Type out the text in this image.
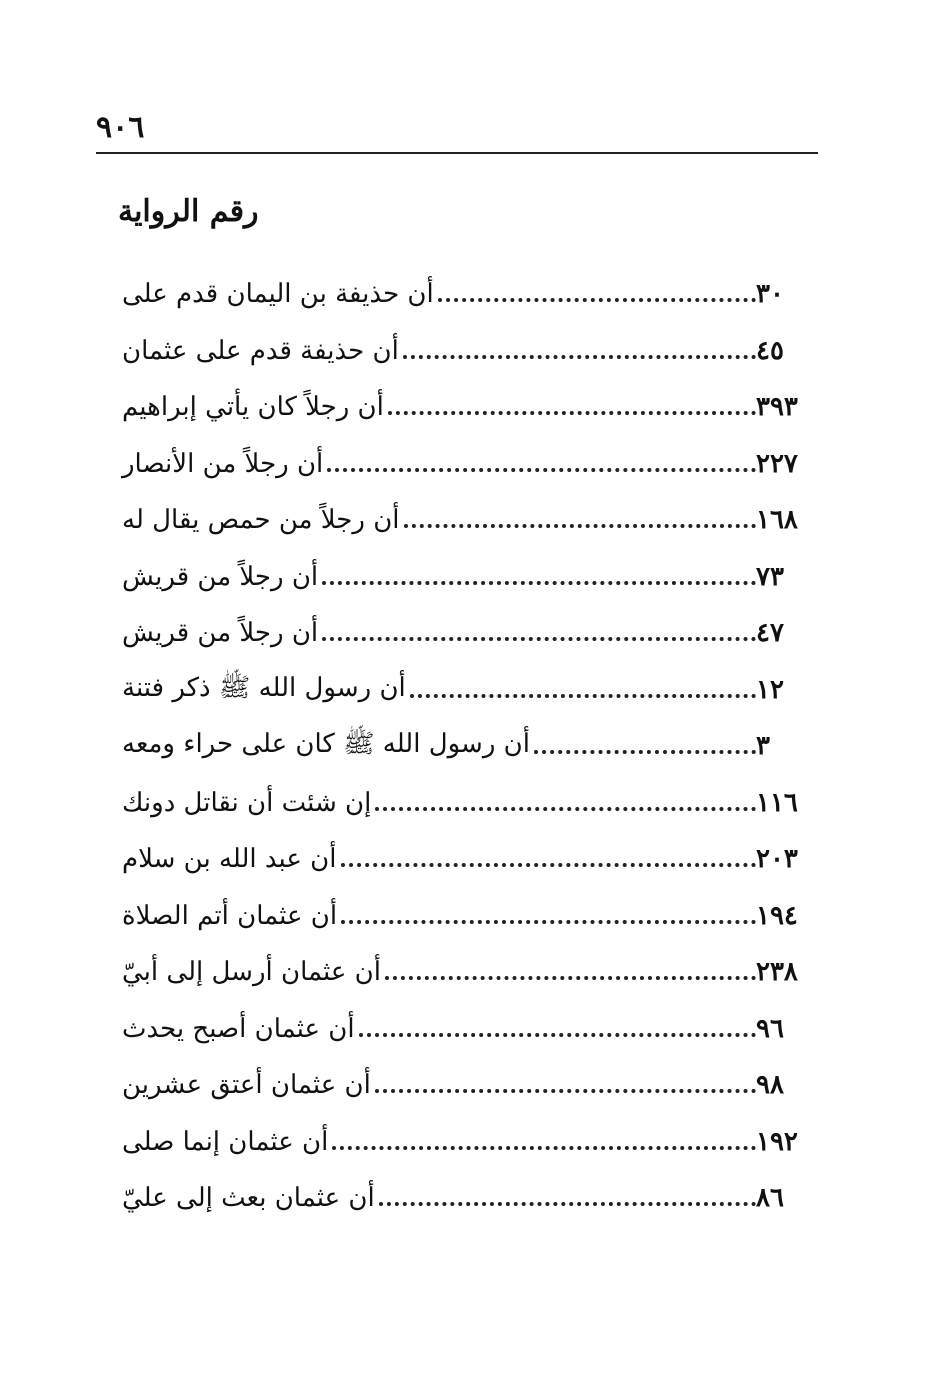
٩٠٦
رقم الرواية
أن حذيفة بن اليمان قدم على	٣٠
أن حذيفة قدم على عثمان	٤٥
أن رجلاً كان يأتي إبراهيم	٣٩٣
أن رجلاً من الأنصار	٢٢٧
أن رجلاً من حمص يقال له	١٦٨
أن رجلاً من قريش	٧٣
أن رجلاً من قريش	٤٧
أن رسول الله ﷺ ذكر فتنة	١٢
أن رسول الله ﷺ كان على حراء ومعه	٣
إن شئت أن نقاتل دونك	١١٦
أن عبد الله بن سلام	٢٠٣
أن عثمان أتم الصلاة	١٩٤
أن عثمان أرسل إلى أبيّ	٢٣٨
أن عثمان أصبح يحدث	٩٦
أن عثمان أعتق عشرين	٩٨
أن عثمان إنما صلى	١٩٢
أن عثمان بعث إلى عليّ	٨٦
